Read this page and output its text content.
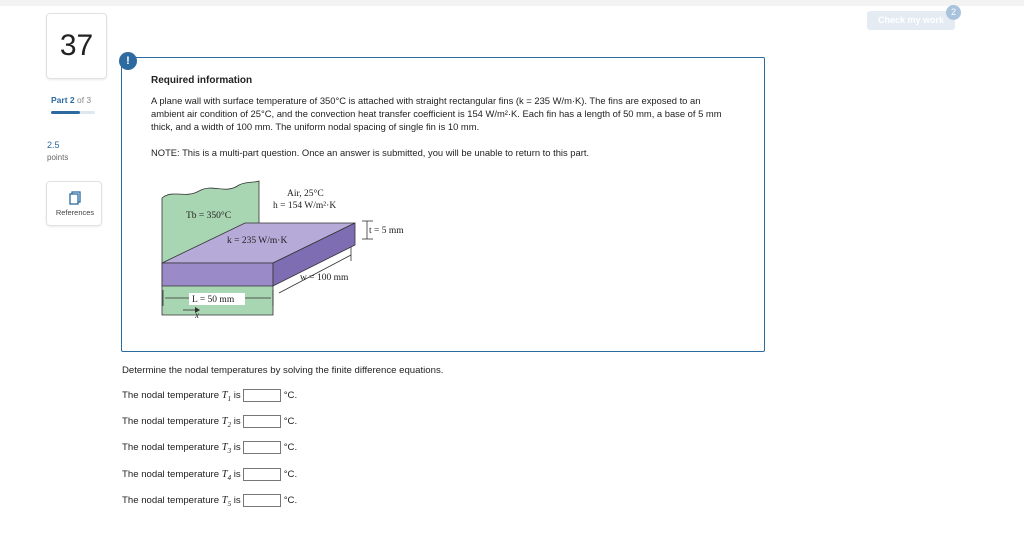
Check my work
2
37
Part 2 of 3
2.5
points
References
!
Required information
A plane wall with surface temperature of 350°C is attached with straight rectangular fins (k = 235 W/m·K). The fins are exposed to an ambient air condition of 25°C, and the convection heat transfer coefficient is 154 W/m²·K. Each fin has a length of 50 mm, a base of 5 mm thick, and a width of 100 mm. The uniform nodal spacing of single fin is 10 mm.
NOTE: This is a multi-part question. Once an answer is submitted, you will be unable to return to this part.
Air, 25°C
h = 154 W/m²·K
Tb = 350°C
k = 235 W/m·K
t = 5 mm
w = 100 mm
L = 50 mm
x
Determine the nodal temperatures by solving the finite difference equations.
The nodal temperature $T_1$ is	°C.
The nodal temperature $T_2$ is	°C.
The nodal temperature $T_3$ is	°C.
The nodal temperature $T_4$ is	°C.
The nodal temperature $T_5$ is	°C.
